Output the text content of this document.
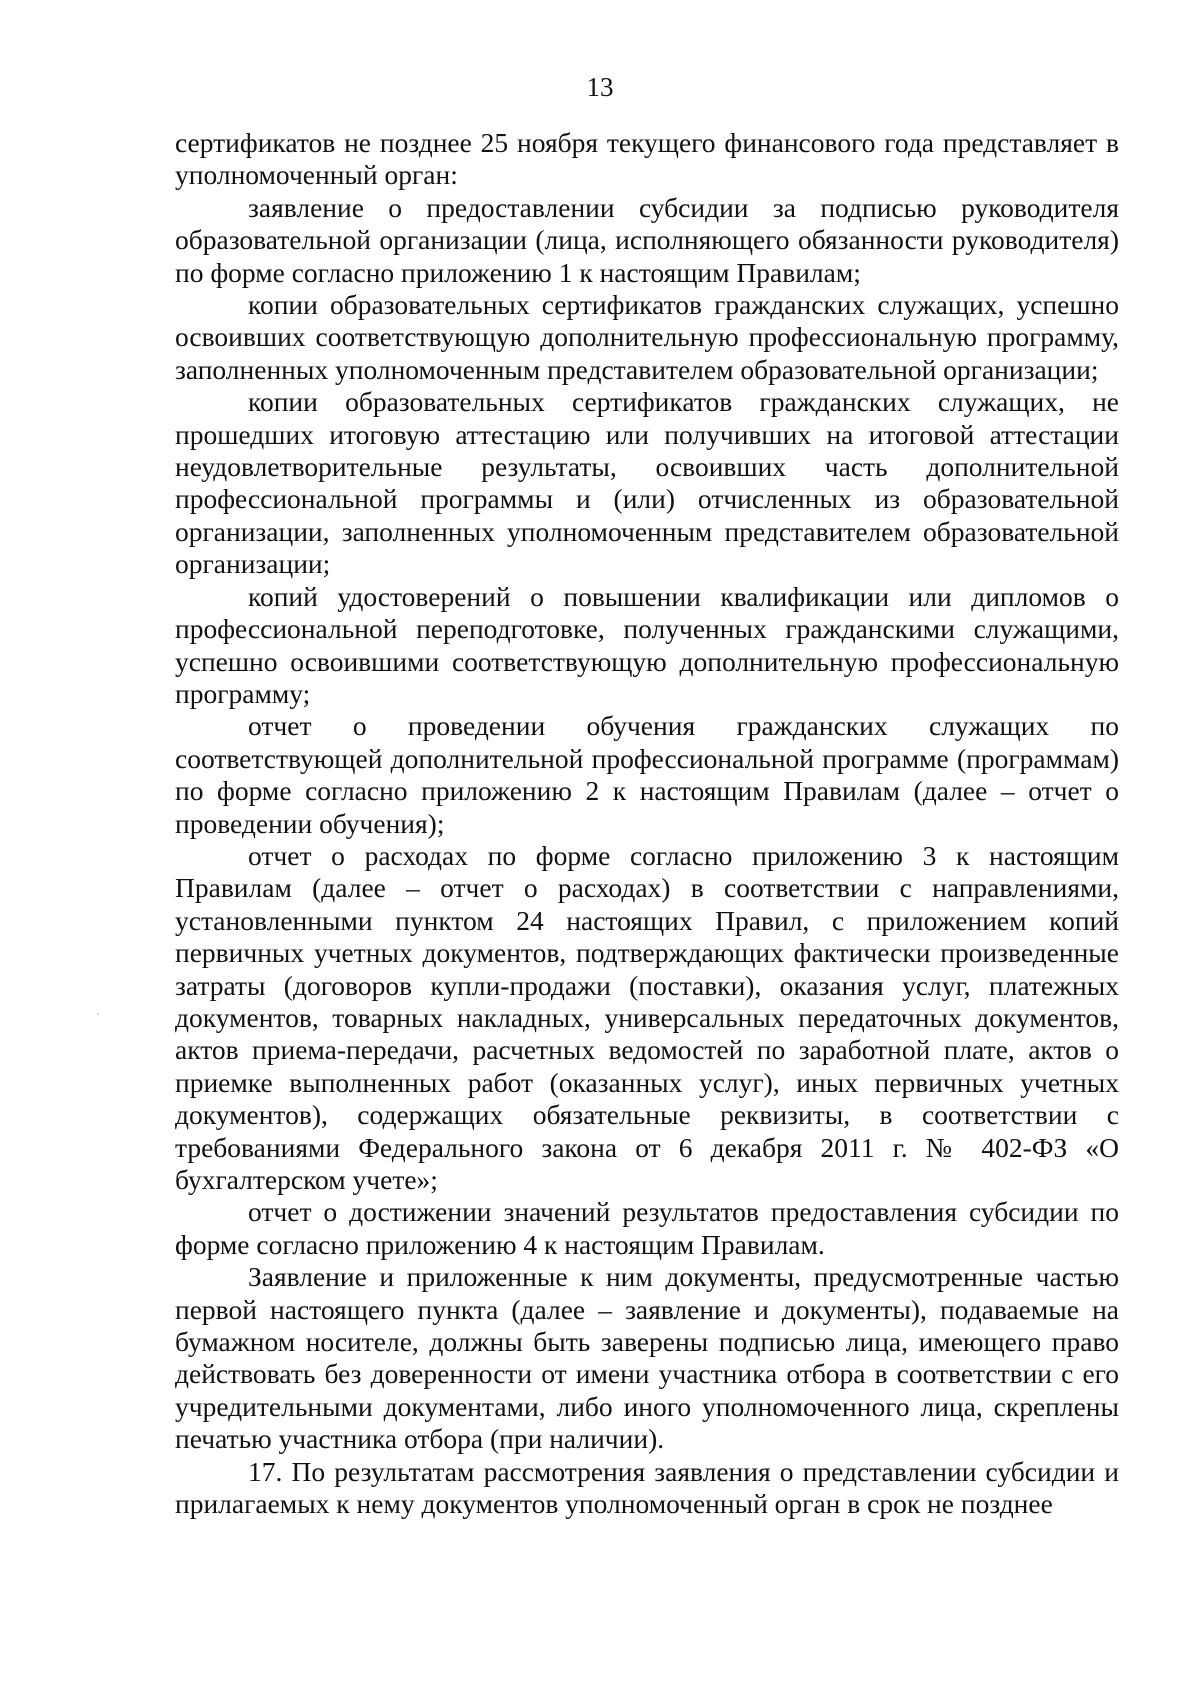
13

сертификатов не позднее 25 ноября текущего финансового года представляет в уполномоченный орган:

заявление о предоставлении субсидии за подписью руководителя образовательной организации (лица, исполняющего обязанности руководителя) по форме согласно приложению 1 к настоящим Правилам;

копии образовательных сертификатов гражданских служащих, успешно освоивших соответствующую дополнительную профессиональную программу, заполненных уполномоченным представителем образовательной организации;

копии образовательных сертификатов гражданских служащих, не прошедших итоговую аттестацию или получивших на итоговой аттестации неудовлетворительные результаты, освоивших часть дополнительной профессиональной программы и (или) отчисленных из образовательной организации, заполненных уполномоченным представителем образовательной организации;

копий удостоверений о повышении квалификации или дипломов о профессиональной переподготовке, полученных гражданскими служащими, успешно освоившими соответствующую дополнительную профессиональную программу;

отчет о проведении обучения гражданских служащих по соответствующей дополнительной профессиональной программе (программам) по форме согласно приложению 2 к настоящим Правилам (далее – отчет о проведении обучения);

отчет о расходах по форме согласно приложению 3 к настоящим Правилам (далее – отчет о расходах) в соответствии с направлениями, установленными пунктом 24 настоящих Правил, с приложением копий первичных учетных документов, подтверждающих фактически произведенные затраты (договоров купли-продажи (поставки), оказания услуг, платежных документов, товарных накладных, универсальных передаточных документов, актов приема-передачи, расчетных ведомостей по заработной плате, актов о приемке выполненных работ (оказанных услуг), иных первичных учетных документов), содержащих обязательные реквизиты, в соответствии с требованиями Федерального закона от 6 декабря 2011 г. № 402-ФЗ «О бухгалтерском учете»;

отчет о достижении значений результатов предоставления субсидии по форме согласно приложению 4 к настоящим Правилам.

Заявление и приложенные к ним документы, предусмотренные частью первой настоящего пункта (далее – заявление и документы), подаваемые на бумажном носителе, должны быть заверены подписью лица, имеющего право действовать без доверенности от имени участника отбора в соответствии с его учредительными документами, либо иного уполномоченного лица, скреплены печатью участника отбора (при наличии).

17. По результатам рассмотрения заявления о представлении субсидии и прилагаемых к нему документов уполномоченный орган в срок не позднее
